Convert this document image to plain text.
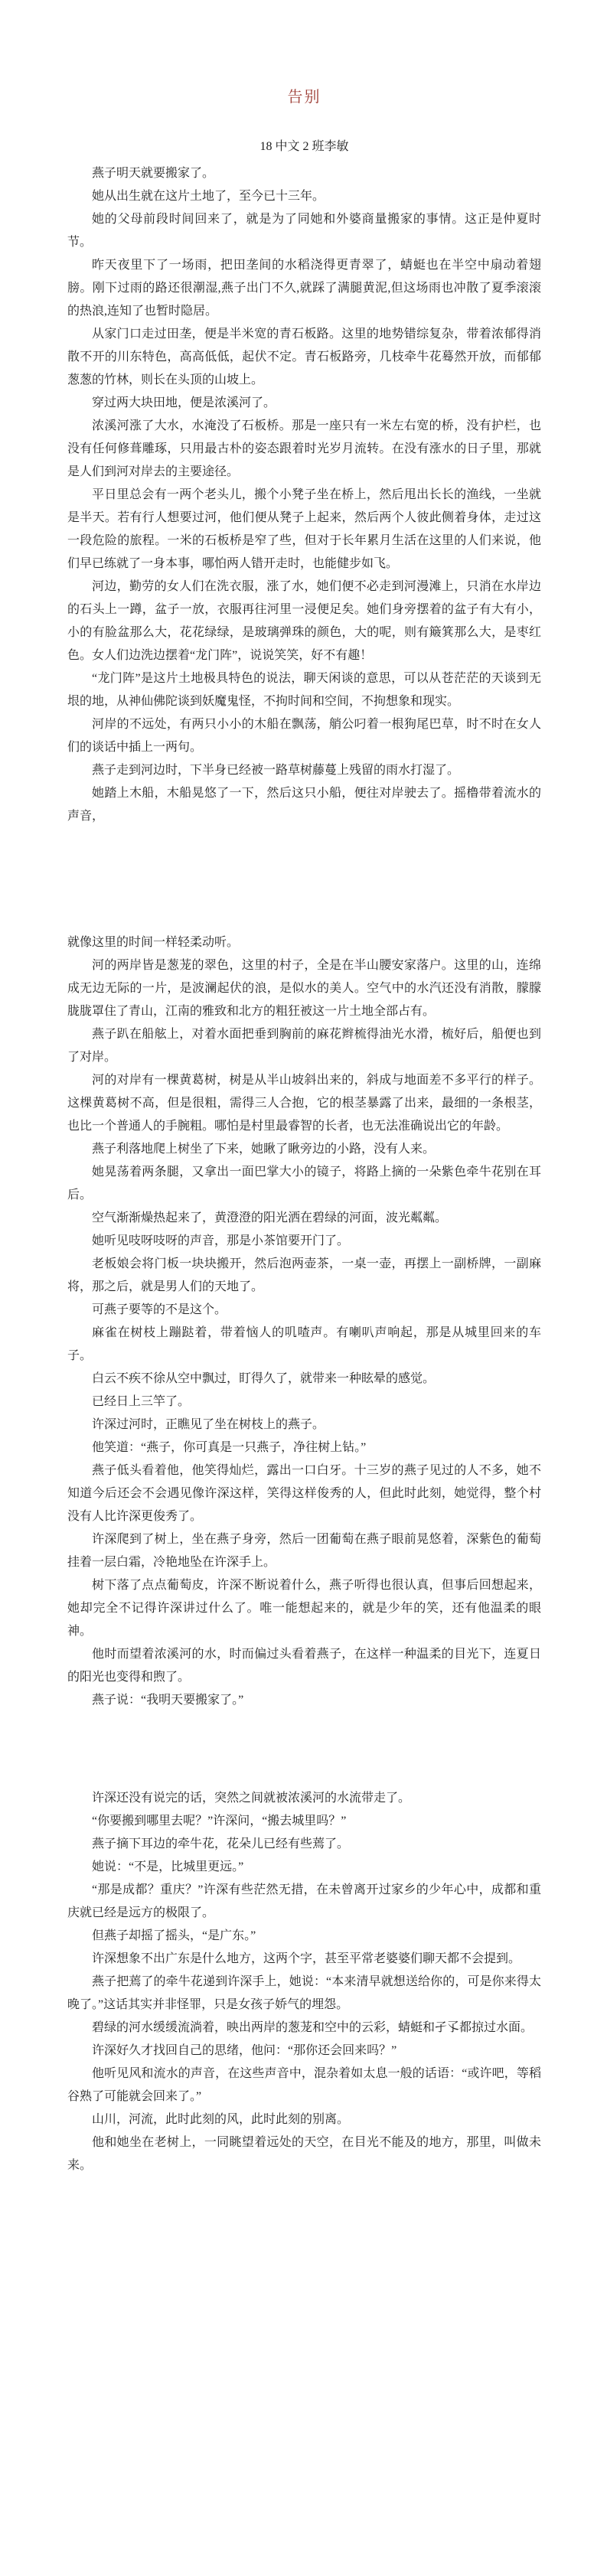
告别
18 中文 2 班李敏

燕子明天就要搬家了。

她从出生就在这片土地了，至今已十三年。

她的父母前段时间回来了，就是为了同她和外婆商量搬家的事情。这正是仲夏时节。

昨天夜里下了一场雨，把田垄间的水稻浇得更青翠了，蜻蜓也在半空中扇动着翅膀。刚下过雨的路还很潮湿,燕子出门不久,就踩了满腿黄泥,但这场雨也冲散了夏季滚滚的热浪,连知了也暂时隐居。

从家门口走过田垄，便是半米宽的青石板路。这里的地势错综复杂，带着浓郁得消散不开的川东特色，高高低低，起伏不定。青石板路旁，几枝牵牛花蓦然开放，而郁郁葱葱的竹林，则长在头顶的山坡上。

穿过两大块田地，便是浓溪河了。

浓溪河涨了大水，水淹没了石板桥。那是一座只有一米左右宽的桥，没有护栏，也没有任何修葺雕琢，只用最古朴的姿态跟着时光岁月流转。在没有涨水的日子里，那就是人们到河对岸去的主要途径。

平日里总会有一两个老头儿，搬个小凳子坐在桥上，然后甩出长长的渔线，一坐就是半天。若有行人想要过河，他们便从凳子上起来，然后两个人彼此侧着身体，走过这一段危险的旅程。一米的石板桥是窄了些，但对于长年累月生活在这里的人们来说，他们早已练就了一身本事，哪怕两人错开走时，也能健步如飞。

河边，勤劳的女人们在洗衣服，涨了水，她们便不必走到河漫滩上，只消在水岸边的石头上一蹲，盆子一放，衣服再往河里一浸便足矣。她们身旁摆着的盆子有大有小，小的有脸盆那么大，花花绿绿，是玻璃弹珠的颜色，大的呢，则有簸箕那么大，是枣红色。女人们边洗边摆着“龙门阵”，说说笑笑，好不有趣！

“龙门阵”是这片土地极具特色的说法，聊天闲谈的意思，可以从苍茫茫的天谈到无垠的地，从神仙佛陀谈到妖魔鬼怪，不拘时间和空间，不拘想象和现实。

河岸的不远处，有两只小小的木船在飘荡，艄公叼着一根狗尾巴草，时不时在女人们的谈话中插上一两句。

燕子走到河边时，下半身已经被一路草树藤蔓上残留的雨水打湿了。

她踏上木船，木船晃悠了一下，然后这只小船，便往对岸驶去了。摇橹带着流水的声音，

就像这里的时间一样轻柔动听。

河的两岸皆是葱茏的翠色，这里的村子，全是在半山腰安家落户。这里的山，连绵成无边无际的一片，是波澜起伏的浪，是似水的美人。空气中的水汽还没有消散，朦朦胧胧罩住了青山，江南的雅致和北方的粗狂被这一片土地全部占有。

燕子趴在船舷上，对着水面把垂到胸前的麻花辫梳得油光水滑，梳好后，船便也到了对岸。

河的对岸有一棵黄葛树，树是从半山坡斜出来的，斜成与地面差不多平行的样子。这棵黄葛树不高，但是很粗，需得三人合抱，它的根茎暴露了出来，最细的一条根茎，也比一个普通人的手腕粗。哪怕是村里最睿智的长者，也无法准确说出它的年龄。

燕子利落地爬上树坐了下来，她瞅了瞅旁边的小路，没有人来。

她晃荡着两条腿，又拿出一面巴掌大小的镜子，将路上摘的一朵紫色牵牛花别在耳后。

空气渐渐燥热起来了，黄澄澄的阳光洒在碧绿的河面，波光粼粼。

她听见吱呀吱呀的声音，那是小茶馆要开门了。

老板娘会将门板一块块搬开，然后泡两壶茶，一桌一壶，再摆上一副桥牌，一副麻将，那之后，就是男人们的天地了。

可燕子要等的不是这个。

麻雀在树枝上蹦跶着，带着恼人的叽喳声。有喇叭声响起，那是从城里回来的车子。

白云不疾不徐从空中飘过，盯得久了，就带来一种眩晕的感觉。

已经日上三竿了。

许深过河时，正瞧见了坐在树枝上的燕子。

他笑道：“燕子，你可真是一只燕子，净往树上钻。”

燕子低头看着他，他笑得灿烂，露出一口白牙。十三岁的燕子见过的人不多，她不知道今后还会不会遇见像许深这样，笑得这样俊秀的人，但此时此刻，她觉得，整个村没有人比许深更俊秀了。

许深爬到了树上，坐在燕子身旁，然后一团葡萄在燕子眼前晃悠着，深紫色的葡萄挂着一层白霜，冷艳地坠在许深手上。

树下落了点点葡萄皮，许深不断说着什么，燕子听得也很认真，但事后回想起来，她却完全不记得许深讲过什么了。唯一能想起来的，就是少年的笑，还有他温柔的眼神。

他时而望着浓溪河的水，时而偏过头看着燕子，在这样一种温柔的目光下，连夏日的阳光也变得和煦了。

燕子说：“我明天要搬家了。”

许深还没有说完的话，突然之间就被浓溪河的水流带走了。

“你要搬到哪里去呢？”许深问，“搬去城里吗？”

燕子摘下耳边的牵牛花，花朵儿已经有些蔫了。

她说：“不是，比城里更远。”

“那是成都？重庆？”许深有些茫然无措，在未曾离开过家乡的少年心中，成都和重庆就已经是远方的极限了。

但燕子却摇了摇头，“是广东。”

许深想象不出广东是什么地方，这两个字，甚至平常老婆婆们聊天都不会提到。

燕子把蔫了的牵牛花递到许深手上，她说：“本来清早就想送给你的，可是你来得太晚了。”这话其实并非怪罪，只是女孩子娇气的埋怨。

碧绿的河水缓缓流淌着，映出两岸的葱茏和空中的云彩，蜻蜓和孑孓都掠过水面。

许深好久才找回自己的思绪，他问：“那你还会回来吗？”

他听见风和流水的声音，在这些声音中，混杂着如太息一般的话语：“或许吧，等稻谷熟了可能就会回来了。”

山川，河流，此时此刻的风，此时此刻的别离。

他和她坐在老树上，一同眺望着远处的天空，在目光不能及的地方，那里，叫做未来。
